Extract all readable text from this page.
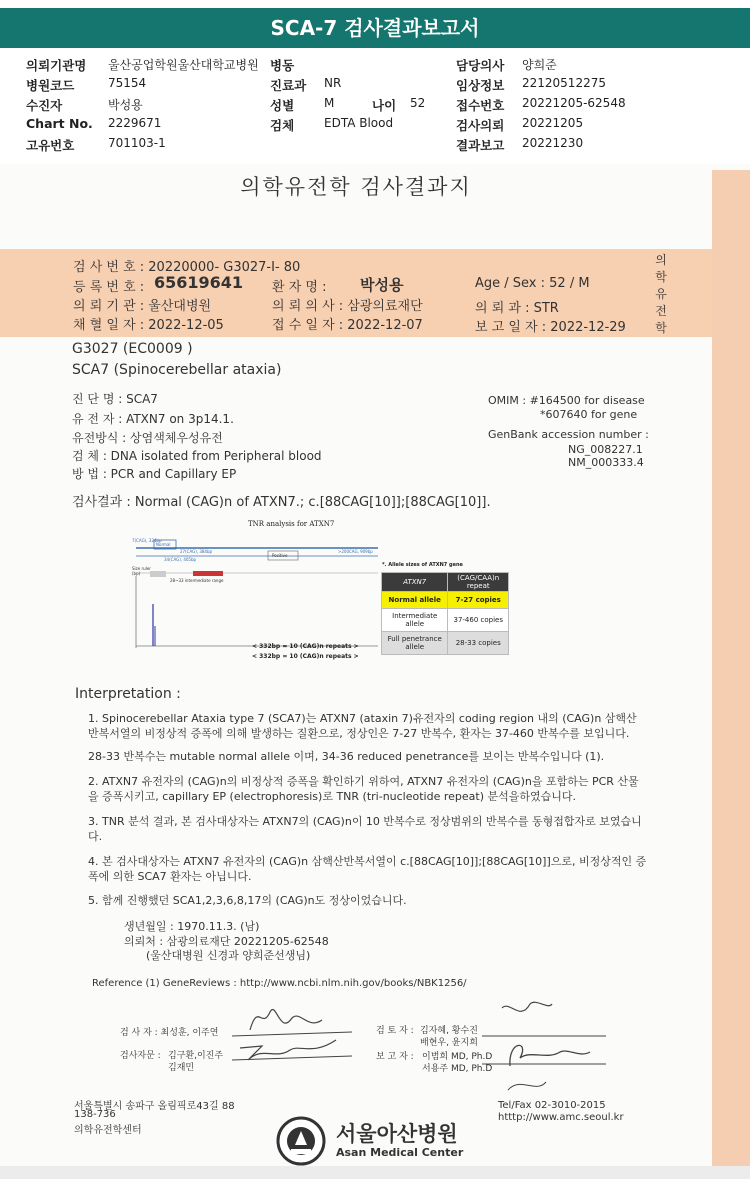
SCA-7 검사결과보고서
의뢰기관명 울산공업학원울산대학교병원 병동	담당의사 양희준
병원코드	75154	진료과 NR	임상정보 22120512275
수진자	박성용	성별 M	나이 52 접수번호 20221205-62548
Chart No. 2229671	검체 EDTA Blood	검사의뢰 20221205
고유번호	701103-1	결과보고 20221230
의학유전학 검사결과지
의
학
유
전
학
검 사 번 호 : 20220000- G3027-I- 80
등 록 번 호 : 65619641 환 자 명 : 박성용	Age / Sex : 52 / M
의 뢰 기 관 : 울산대병원	의 뢰 의 사 : 삼광의료재단	의 뢰 과 : STR
채 혈 일 자 : 2022-12-05	접 수 일 자 : 2022-12-07	보 고 일 자 : 2022-12-29
G3027 (EC0009 )
SCA7 (Spinocerebellar ataxia)
진 단 명 : SCA7
유 전 자 : ATXN7 on 3p14.1.
유전방식 : 상염색체우성유전
검 체 : DNA isolated from Peripheral blood
방 법 : PCR and Capillary EP
OMIM : #164500 for disease
*607640 for gene
GenBank accession number :
NG_008227.1
NM_000333.4
검사결과 : Normal (CAG)n of ATXN7.; c.[88CAG[10]];[88CAG[10]].
TNR analysis for ATXN7
7(CAG), 324bp
Normal
27(CAG), 384bp
34(CAG), 405bp
>200CAG, 909bp
Positive
28~33 intermediate range
Size ruler (bp)
*. Allele sizes of ATXN7 gene
< 332bp = 10 (CAG)n repeats >
< 332bp = 10 (CAG)n repeats >
ATXN7	(CAG/CAA)n repeat
Normal allele	7-27 copies
Intermediate allele	37-460 copies
Full penetrance allele	28-33 copies
Interpretation :
1. Spinocerebellar Ataxia type 7 (SCA7)는 ATXN7 (ataxin 7)유전자의 coding region 내의 (CAG)n 삼핵산 반복서열의 비정상적 증폭에 의해 발생하는 질환으로, 정상인은 7-27 반복수, 환자는 37-460 반복수를 보입니다.
28-33 반복수는 mutable normal allele 이며, 34-36 reduced penetrance를 보이는 반복수입니다 (1).
2. ATXN7 유전자의 (CAG)n의 비정상적 증폭을 확인하기 위하여, ATXN7 유전자의 (CAG)n을 포함하는 PCR 산물을 증폭시키고, capillary EP (electrophoresis)로 TNR (tri-nucleotide repeat) 분석을하였습니다.
3. TNR 분석 결과, 본 검사대상자는 ATXN7의 (CAG)n이 10 반복수로 정상범위의 반복수를 동형접합자로 보였습니다.
4. 본 검사대상자는 ATXN7 유전자의 (CAG)n 삼핵산반복서열이 c.[88CAG[10]];[88CAG[10]]으로, 비정상적인 증폭에 의한 SCA7 환자는 아닙니다.
5. 함께 진행했던 SCA1,2,3,6,8,17의 (CAG)n도 정상이었습니다.
생년월일 : 1970.11.3. (남)
의뢰처 : 삼광의료재단 20221205-62548
(울산대병원 신경과 양희준선생님)
Reference (1) GeneReviews : http://www.ncbi.nlm.nih.gov/books/NBK1256/
검 사 자 : 최성훈, 이주연
검사자문 : 김구환,이진주
김재민
검 토 자 : 김자혜, 황수진
배현우, 윤지희
보 고 자 : 이범희 MD, Ph.D
서용주 MD, Ph.D
서울특별시 송파구 올림픽로43길 88
138-736
의학유전학센터
Tel/Fax 02-3010-2015
htttp://www.amc.seoul.kr
서울아산병원
Asan Medical Center
